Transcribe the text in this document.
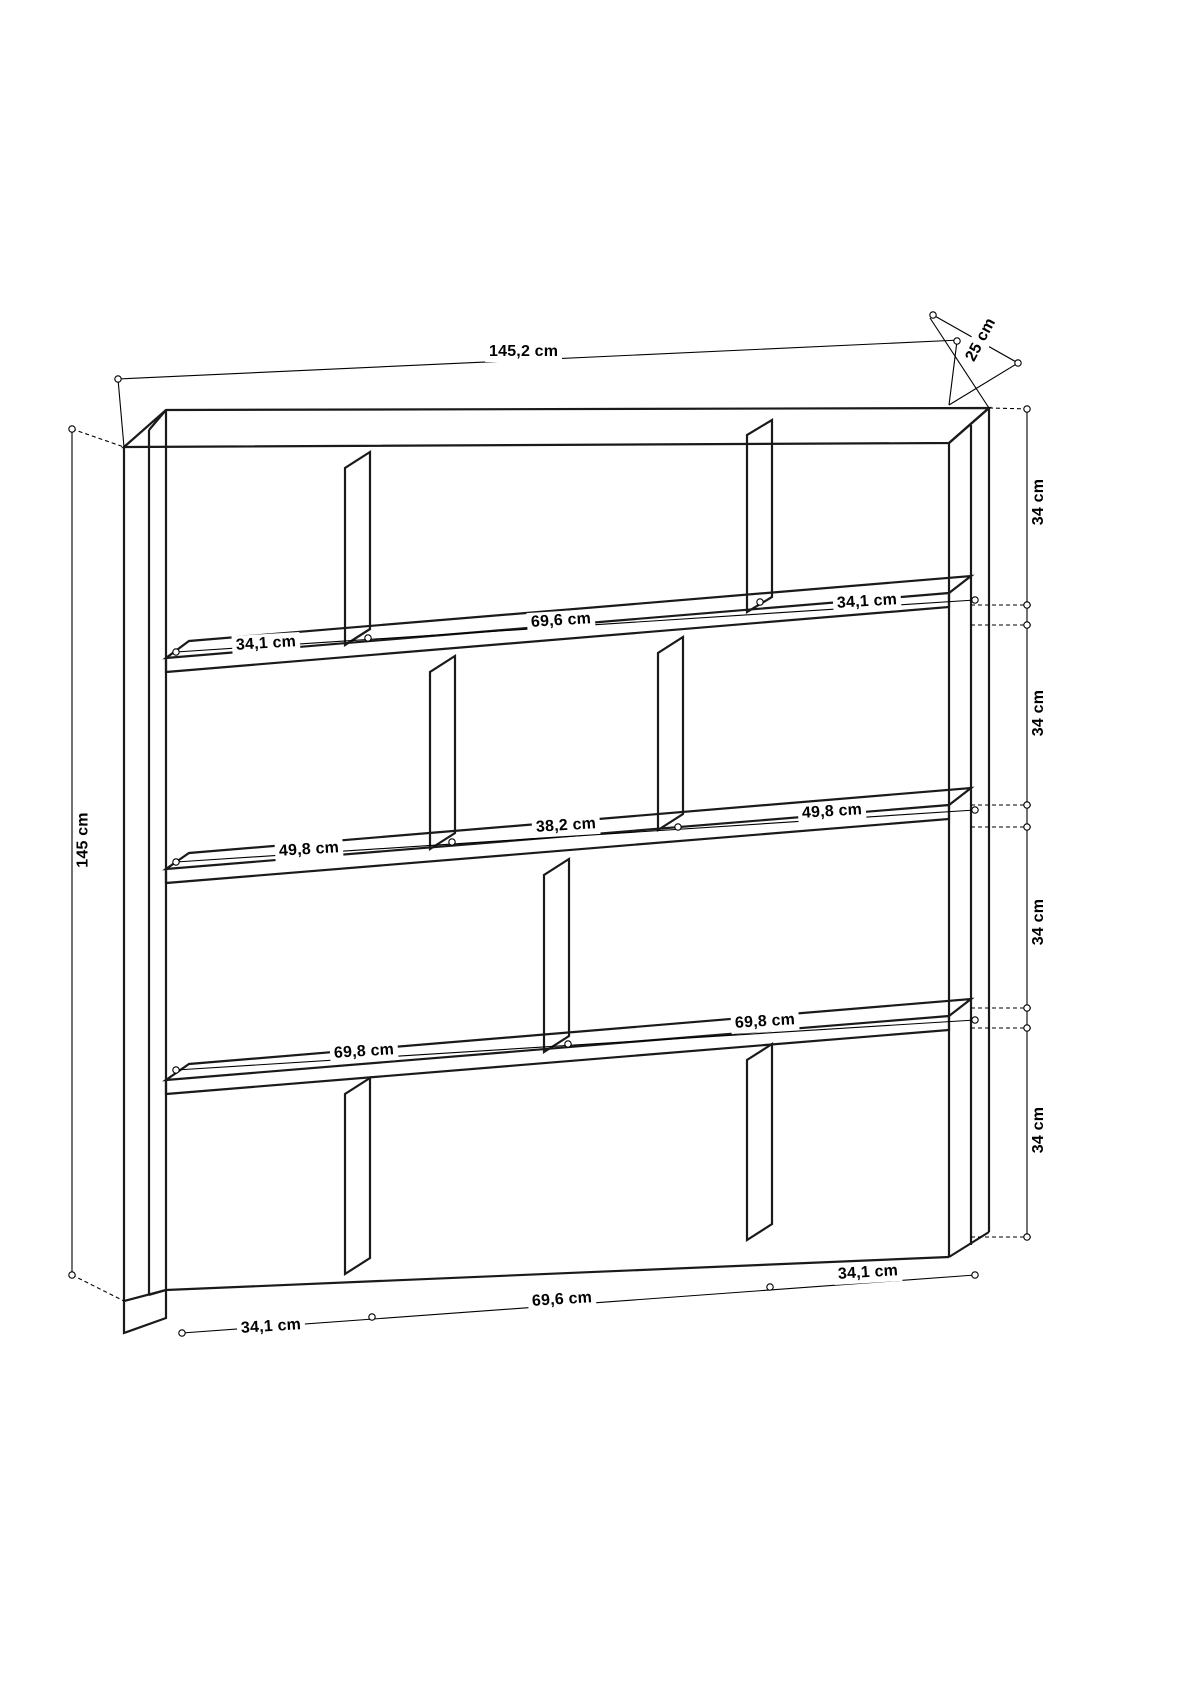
145,2 cm	25 cm
145 cm
34 cm
34 cm
34 cm
34 cm
34,1 cm
69,6 cm
34,1 cm
49,8 cm
38,2 cm
49,8 cm
69,8 cm
69,8 cm
34,1 cm
69,6 cm
34,1 cm
